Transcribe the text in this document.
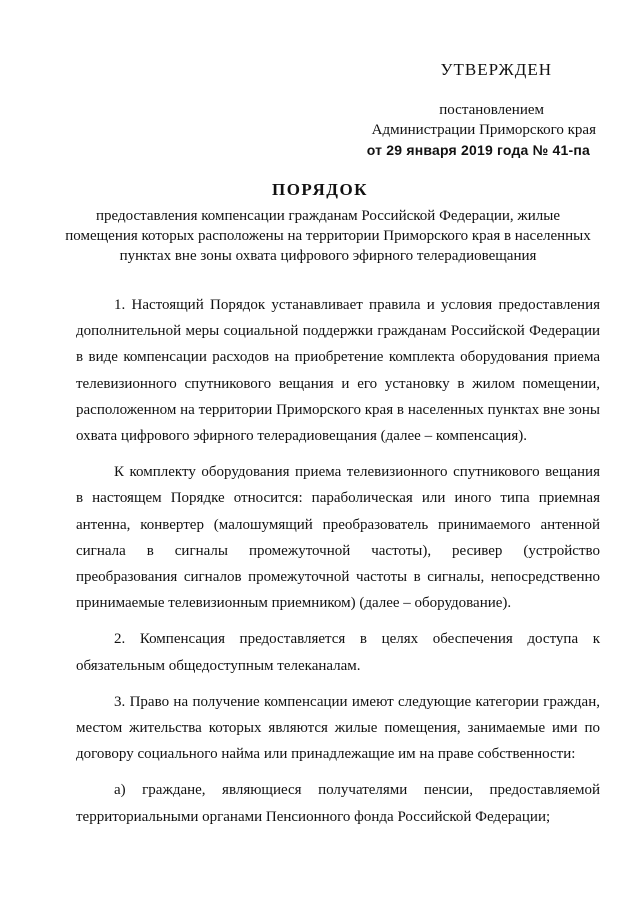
УТВЕРЖДЕН
постановлением
Администрации Приморского края
от 29 января 2019 года № 41-па
ПОРЯДОК
предоставления компенсации гражданам Российской Федерации, жилые помещения которых расположены на территории Приморского края в населенных пунктах вне зоны охвата цифрового эфирного телерадиовещания

1. Настоящий Порядок устанавливает правила и условия предоставления дополнительной меры социальной поддержки гражданам Российской Федерации в виде компенсации расходов на приобретение комплекта оборудования приема телевизионного спутникового вещания и его установку в жилом помещении, расположенном на территории Приморского края в населенных пунктах вне зоны охвата цифрового эфирного телерадиовещания (далее – компенсация).

К комплекту оборудования приема телевизионного спутникового вещания в настоящем Порядке относится: параболическая или иного типа приемная антенна, конвертер (малошумящий преобразователь принимаемого антенной сигнала в сигналы промежуточной частоты), ресивер (устройство преобразования сигналов промежуточной частоты в сигналы, непосредственно принимаемые телевизионным приемником) (далее – оборудование).

2. Компенсация предоставляется в целях обеспечения доступа к обязательным общедоступным телеканалам.

3. Право на получение компенсации имеют следующие категории граждан, местом жительства которых являются жилые помещения, занимаемые ими по договору социального найма или принадлежащие им на праве собственности:

а) граждане, являющиеся получателями пенсии, предоставляемой территориальными органами Пенсионного фонда Российской Федерации;
